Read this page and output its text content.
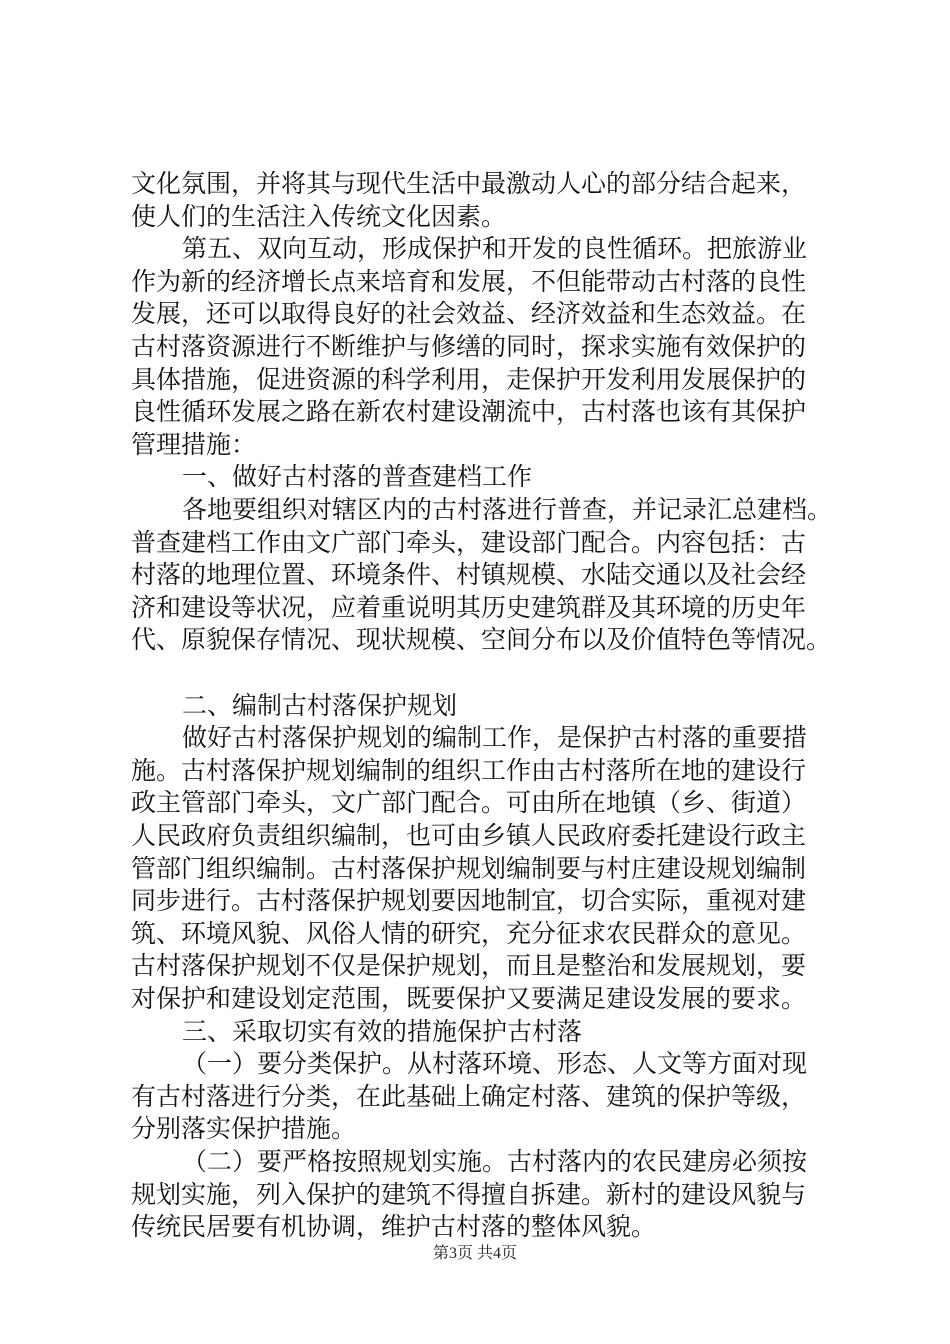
文化氛围，并将其与现代生活中最激动人心的部分结合起来，
使人们的生活注入传统文化因素。
第五、双向互动，形成保护和开发的良性循环。把旅游业
作为新的经济增长点来培育和发展，不但能带动古村落的良性
发展，还可以取得良好的社会效益、经济效益和生态效益。在
古村落资源进行不断维护与修缮的同时，探求实施有效保护的
具体措施，促进资源的科学利用，走保护开发利用发展保护的
良性循环发展之路在新农村建设潮流中，古村落也该有其保护
管理措施：
一、做好古村落的普查建档工作
各地要组织对辖区内的古村落进行普查，并记录汇总建档。
普查建档工作由文广部门牵头，建设部门配合。内容包括：古
村落的地理位置、环境条件、村镇规模、水陆交通以及社会经
济和建设等状况，应着重说明其历史建筑群及其环境的历史年
代、原貌保存情况、现状规模、空间分布以及价值特色等情况。
二、编制古村落保护规划
做好古村落保护规划的编制工作，是保护古村落的重要措
施。古村落保护规划编制的组织工作由古村落所在地的建设行
政主管部门牵头，文广部门配合。可由所在地镇（乡、街道）
人民政府负责组织编制，也可由乡镇人民政府委托建设行政主
管部门组织编制。古村落保护规划编制要与村庄建设规划编制
同步进行。古村落保护规划要因地制宜，切合实际，重视对建
筑、环境风貌、风俗人情的研究，充分征求农民群众的意见。
古村落保护规划不仅是保护规划，而且是整治和发展规划，要
对保护和建设划定范围，既要保护又要满足建设发展的要求。
三、采取切实有效的措施保护古村落
（一）要分类保护。从村落环境、形态、人文等方面对现
有古村落进行分类，在此基础上确定村落、建筑的保护等级，
分别落实保护措施。
（二）要严格按照规划实施。古村落内的农民建房必须按
规划实施，列入保护的建筑不得擅自拆建。新村的建设风貌与
传统民居要有机协调，维护古村落的整体风貌。
第3页 共4页
